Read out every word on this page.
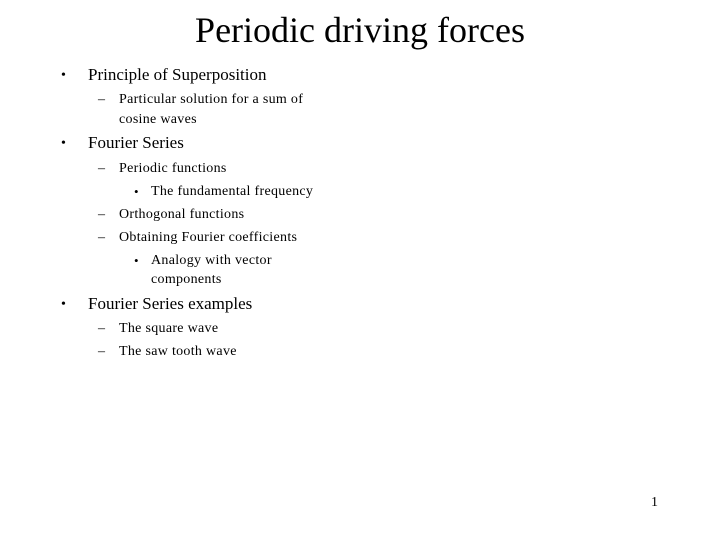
Periodic driving forces
• Principle of Superposition
– Particular solution for a sum of
cosine waves
• Fourier Series
– Periodic functions
• The fundamental frequency
– Orthogonal functions
– Obtaining Fourier coefficients
• Analogy with vector
components
• Fourier Series examples
– The square wave
– The saw tooth wave
1
